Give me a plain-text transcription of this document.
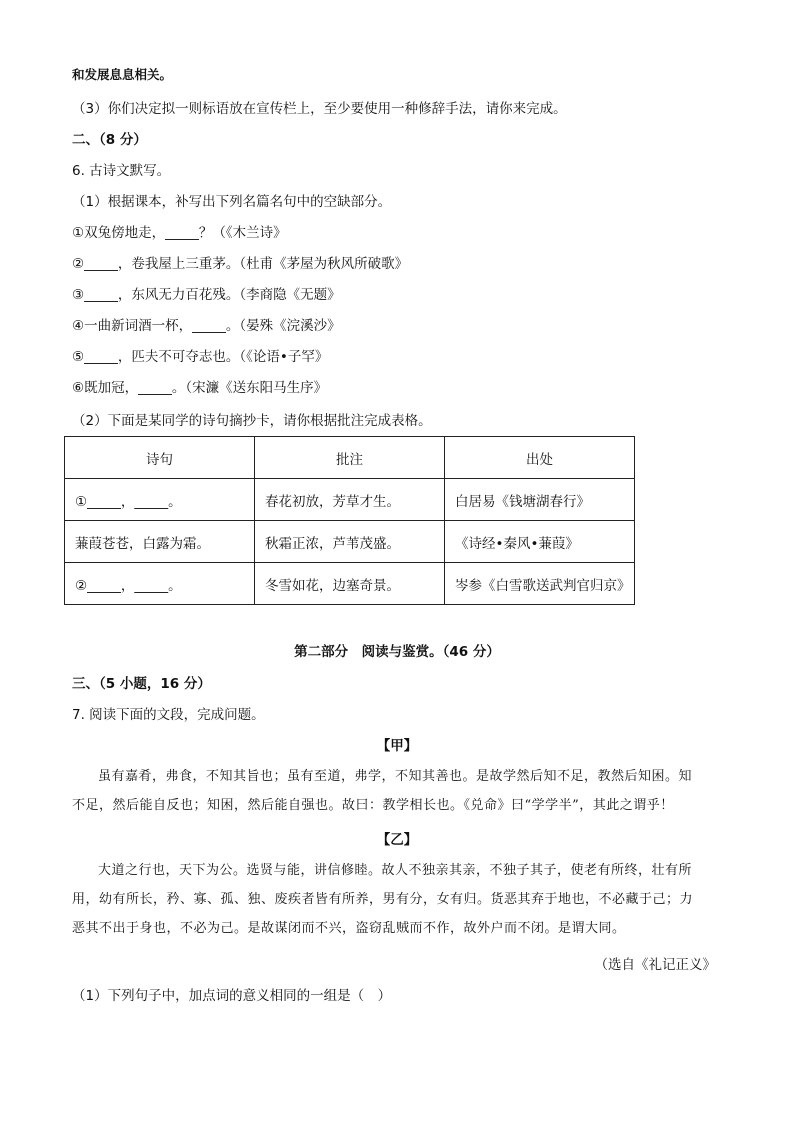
和发展息息相关。
（3）你们决定拟一则标语放在宣传栏上，至少要使用一种修辞手法，请你来完成。
二、（8 分）
6. 古诗文默写。
（1）根据课本，补写出下列名篇名句中的空缺部分。
①双兔傍地走，_____？（《木兰诗》
②_____，卷我屋上三重茅。（杜甫《茅屋为秋风所破歌》
③_____，东风无力百花残。（李商隐《无题》
④一曲新词酒一杯，_____。（晏殊《浣溪沙》
⑤_____，匹夫不可夺志也。（《论语•子罕》
⑥既加冠，_____。（宋濂《送东阳马生序》
（2）下面是某同学的诗句摘抄卡，请你根据批注完成表格。
诗句	批注	出处
①_____，_____。	春花初放，芳草才生。	白居易《钱塘湖春行》
蒹葭苍苍，白露为霜。	秋霜正浓，芦苇茂盛。	《诗经•秦风•蒹葭》
②_____，_____。	冬雪如花，边塞奇景。	岑参《白雪歌送武判官归京》
第二部分　阅读与鉴赏。（46 分）
三、（5 小题，16 分）
7. 阅读下面的文段，完成问题。
【甲】
虽有嘉肴，弗食，不知其旨也；虽有至道，弗学，不知其善也。是故学然后知不足，教然后知困。知
不足，然后能自反也；知困，然后能自强也。故曰：教学相长也。《兑命》曰“学学半”，其此之谓乎！
【乙】
大道之行也，天下为公。选贤与能，讲信修睦。故人不独亲其亲，不独子其子，使老有所终，壮有所
用，幼有所长，矜、寡、孤、独、废疾者皆有所养，男有分，女有归。货恶其弃于地也，不必藏于己；力
恶其不出于身也，不必为己。是故谋闭而不兴，盗窃乱贼而不作，故外户而不闭。是谓大同。
（选自《礼记正义》
（1）下列句子中，加点词的意义相同的一组是（　）
